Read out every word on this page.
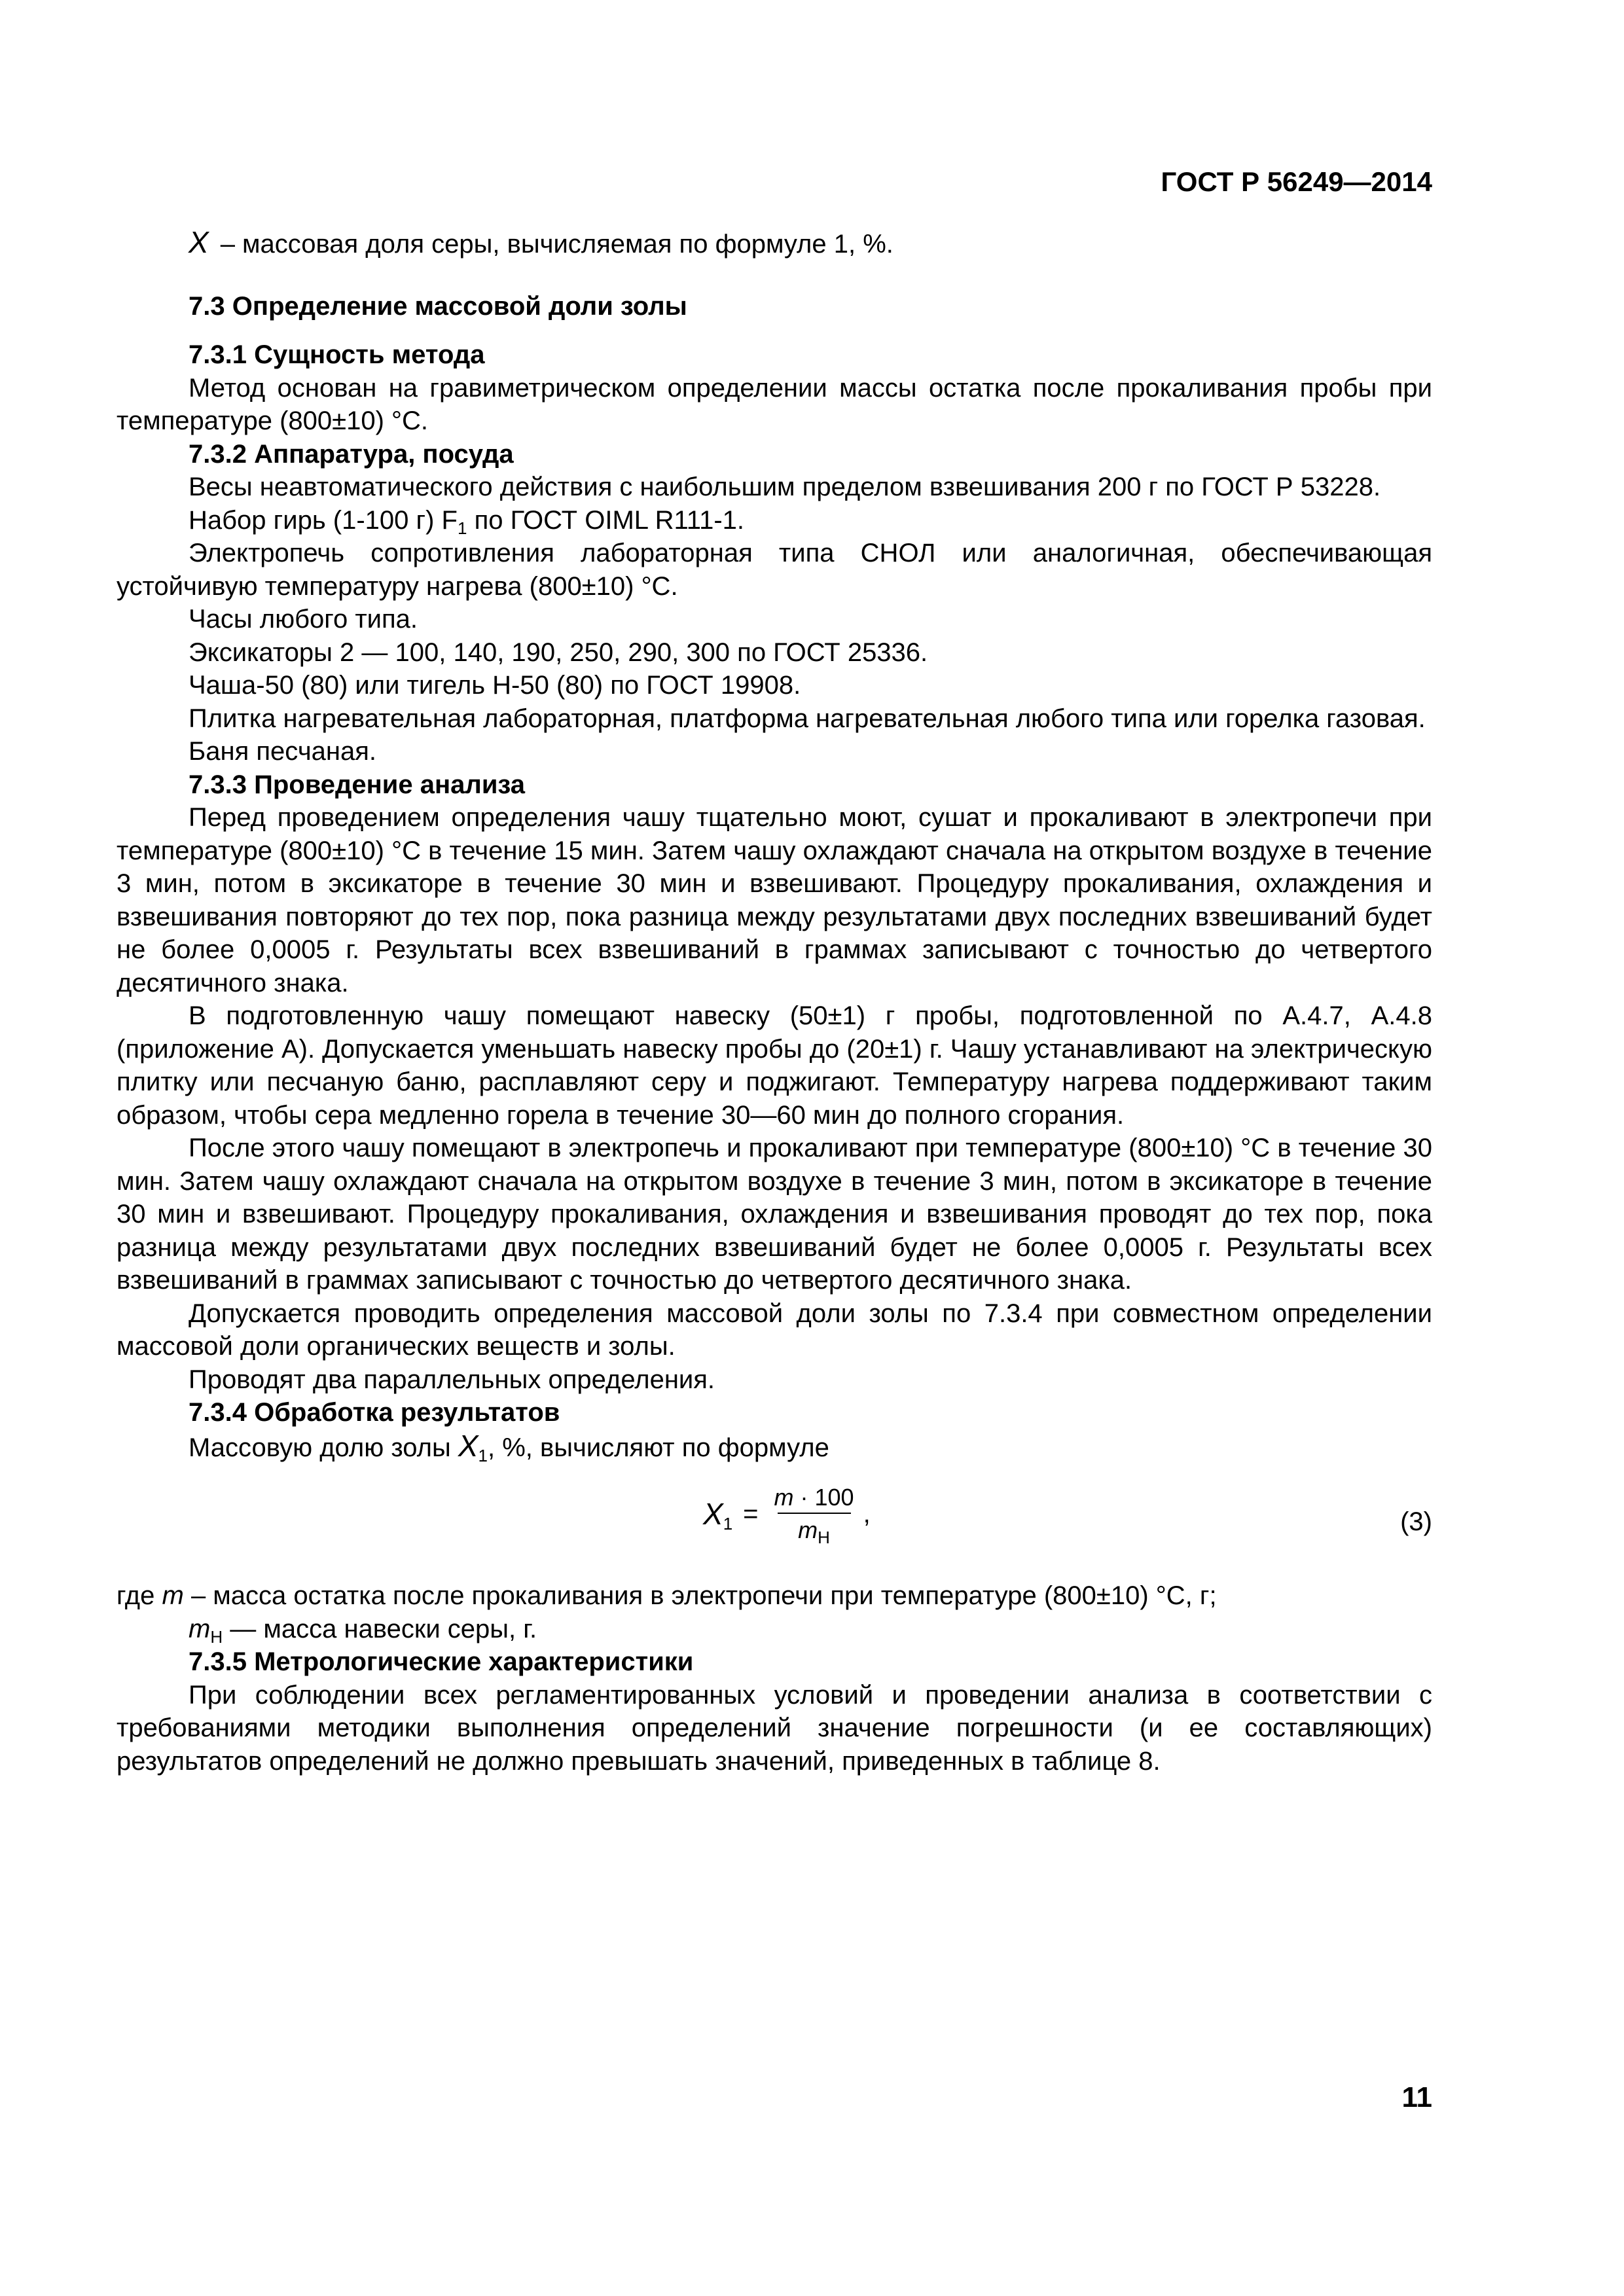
ГОСТ Р 56249—2014

X – массовая доля серы, вычисляемая по формуле 1, %.

7.3 Определение массовой доли золы

7.3.1 Сущность метода

Метод основан на гравиметрическом определении массы остатка после прокаливания пробы при температуре (800±10) °С.

7.3.2 Аппаратура, посуда

Весы неавтоматического действия с наибольшим пределом взвешивания 200 г по ГОСТ Р 53228.

Набор гирь (1-100 г) $F_1$ по ГОСТ OIML R111-1.

Электропечь сопротивления лабораторная типа СНОЛ или аналогичная, обеспечивающая устойчивую температуру нагрева (800±10) °С.

Часы любого типа.

Эксикаторы 2 — 100, 140, 190, 250, 290, 300 по ГОСТ 25336.

Чаша-50 (80) или тигель Н-50 (80) по ГОСТ 19908.

Плитка нагревательная лабораторная, платформа нагревательная любого типа или горелка газовая.

Баня песчаная.

7.3.3 Проведение анализа

Перед проведением определения чашу тщательно моют, сушат и прокаливают в электропечи при температуре (800±10) °С в течение 15 мин. Затем чашу охлаждают сначала на открытом воздухе в течение 3 мин, потом в эксикаторе в течение 30 мин и взвешивают. Процедуру прокаливания, охлаждения и взвешивания повторяют до тех пор, пока разница между результатами двух последних взвешиваний будет не более 0,0005 г. Результаты всех взвешиваний в граммах записывают с точностью до четвертого десятичного знака.

В подготовленную чашу помещают навеску (50±1) г пробы, подготовленной по А.4.7, А.4.8 (приложение А). Допускается уменьшать навеску пробы до (20±1) г. Чашу устанавливают на электрическую плитку или песчаную баню, расплавляют серу и поджигают. Температуру нагрева поддерживают таким образом, чтобы сера медленно горела в течение 30—60 мин до полного сгорания.

После этого чашу помещают в электропечь и прокаливают при температуре (800±10) °С в течение 30 мин. Затем чашу охлаждают сначала на открытом воздухе в течение 3 мин, потом в эксикаторе в течение 30 мин и взвешивают. Процедуру прокаливания, охлаждения и взвешивания проводят до тех пор, пока разница между результатами двух последних взвешиваний будет не более 0,0005 г. Результаты всех взвешиваний в граммах записывают с точностью до четвертого десятичного знака.

Допускается проводить определения массовой доли золы по 7.3.4 при совместном определении массовой доли органических веществ и золы.

Проводят два параллельных определения.

7.3.4 Обработка результатов

Массовую долю золы $X_1$, %, вычисляют по формуле

$X_1 = \frac{m \cdot 100}{m_Н}$ ,	(3)

где m – масса остатка после прокаливания в электропечи при температуре (800±10) °С, г;

$m_Н$ — масса навески серы, г.

7.3.5 Метрологические характеристики

При соблюдении всех регламентированных условий и проведении анализа в соответствии с требованиями методики выполнения определений значение погрешности (и ее составляющих) результатов определений не должно превышать значений, приведенных в таблице 8.

11
